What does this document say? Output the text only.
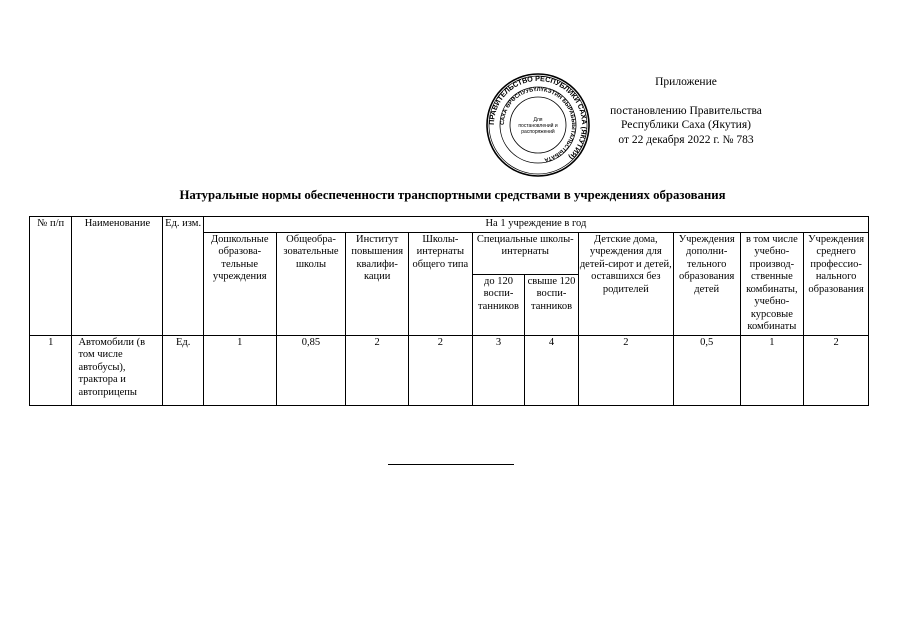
Приложение
постановлению Правительства
Республики Саха (Якутия)
от 22 декабря 2022 г. № 783
ПРАВИТЕЛЬСТВО РЕСПУБЛИКИ САХА (ЯКУТИЯ)
САХА ӨРӨСПУУБҮЛҮКЭТИН БЫРАБЫЫТАЛЬСТЫБАТА
Для
постановлений и
распоряжений
Натуральные нормы обеспеченности транспортными средствами в учреждениях образования
№ п/п	Наименование	Ед. изм.	На 1 учреждение в год									
			Дошкольные образова-тельные учреждения	Общеобра-зовательные школы	Институт повышения квалифи-кации	Школы-интернаты общего типа	Специальные школы-интернаты		Детские дома, учреждения для детей-сирот и детей, оставшихся без родителей	Учреждения дополни-тельного образования детей	в том числе учебно-производ-ственные комбинаты, учебно-курсовые комбинаты	Учреждения среднего профессио-нального образования
							до 120 воспи-танников	свыше 120 воспи-танников				
1	Автомобили (в том числе автобусы), трактора и автоприцепы	Ед.	1	0,85	2	2	3	4	2	0,5	1	2
